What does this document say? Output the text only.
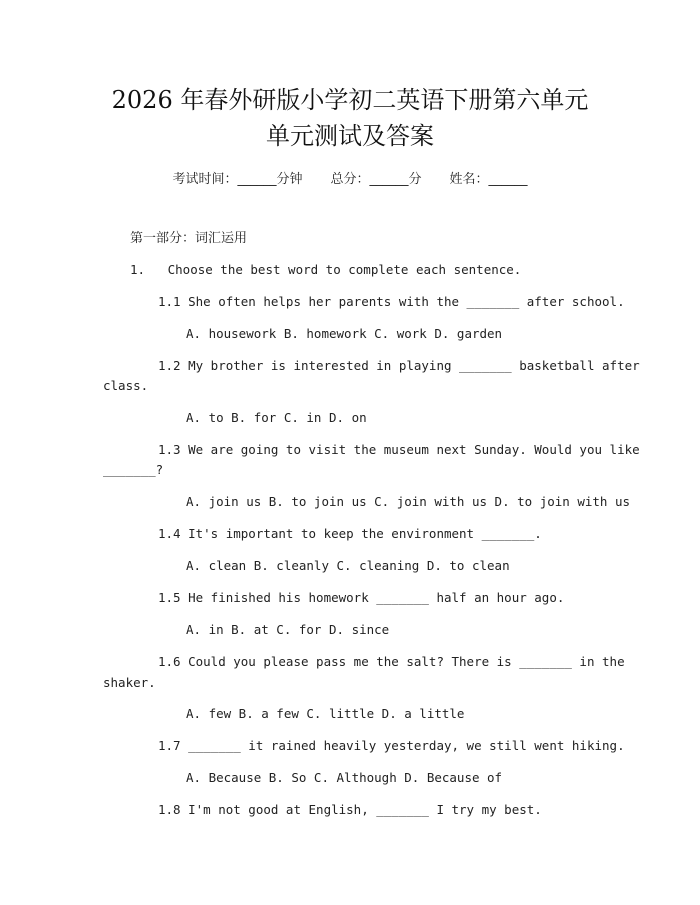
2026 年春外研版小学初二英语下册第六单元
单元测试及答案
考试时间：______分钟 总分：______分 姓名：______
第一部分：词汇运用
1.   Choose the best word to complete each sentence.
1.1 She often helps her parents with the _______ after school.
A. housework B. homework C. work D. garden
1.2 My brother is interested in playing _______ basketball after
class.
A. to B. for C. in D. on
1.3 We are going to visit the museum next Sunday. Would you like
_______?
A. join us B. to join us C. join with us D. to join with us
1.4 It's important to keep the environment _______.
A. clean B. cleanly C. cleaning D. to clean
1.5 He finished his homework _______ half an hour ago.
A. in B. at C. for D. since
1.6 Could you please pass me the salt? There is _______ in the
shaker.
A. few B. a few C. little D. a little
1.7 _______ it rained heavily yesterday, we still went hiking.
A. Because B. So C. Although D. Because of
1.8 I'm not good at English, _______ I try my best.
